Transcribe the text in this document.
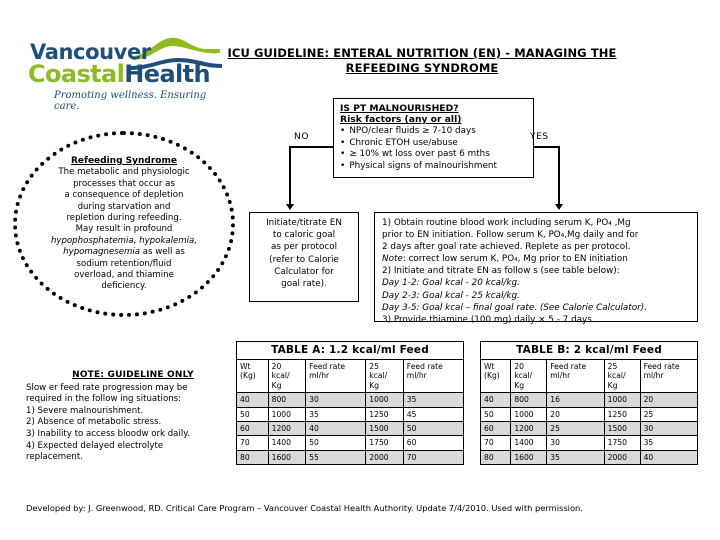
Vancouver
CoastalHealth
Promoting wellness. Ensuring care.
ICU GUIDELINE: ENTERAL NUTRITION (EN) - MANAGING THE REFEEDING SYNDROME
Refeeding Syndrome
The metabolic and physiologic
processes that occur as
a consequence of depletion
during starvation and
repletion during refeeding.
May result in profound
hypophosphatemia, hypokalemia,
hypomagnesemia as well as
sodium retention/fluid
overload, and thiamine
deficiency.
IS PT MALNOURISHED?
Risk factors (any or all)
• NPO/clear fluids ≥ 7-10 days
• Chronic ETOH use/abuse
• ≥ 10% wt loss over past 6 mths
• Physical signs of malnourishment
NO	YES
Initiate/titrate EN
to caloric goal
as per protocol
(refer to Calorie
Calculator for
goal rate).
1) Obtain routine blood work including serum K, PO₄ ,Mg
prior to EN initiation. Follow serum K, PO₄,Mg daily and for
2 days after goal rate achieved. Replete as per protocol.
Note: correct low serum K, PO₄, Mg prior to EN initiation
2) Initiate and titrate EN as follow s (see table below):
Day 1-2: Goal kcal - 20 kcal/kg.
Day 2-3: Goal kcal - 25 kcal/kg.
Day 3-5: Goal kcal – final goal rate. (See Calorie Calculator).
3) Provide thiamine (100 mg) daily × 5 - 7 days.
NOTE: GUIDELINE ONLY
Slow er feed rate progression may be
required in the follow ing situations:
1) Severe malnourishment.
2) Absence of metabolic stress.
3) Inability to access bloodw ork daily.
4) Expected delayed electrolyte
replacement.
TABLE A: 1.2 kcal/ml Feed
Wt
(Kg)

20
kcal/
Kg

Feed rate
ml/hr

25
kcal/
Kg

Feed rate
ml/hr

40	800	30	1000	35
50	1000	35	1250	45
60	1200	40	1500	50
70	1400	50	1750	60
80	1600	55	2000	70
TABLE B: 2 kcal/ml Feed
Wt
(Kg)

20
kcal/
Kg

Feed rate
ml/hr

25
kcal/
Kg

Feed rate
ml/hr

40	800	16	1000	20
50	1000	20	1250	25
60	1200	25	1500	30
70	1400	30	1750	35
80	1600	35	2000	40
Developed by: J. Greenwood, RD. Critical Care Program – Vancouver Coastal Health Authority. Update 7/4/2010. Used with permission.
